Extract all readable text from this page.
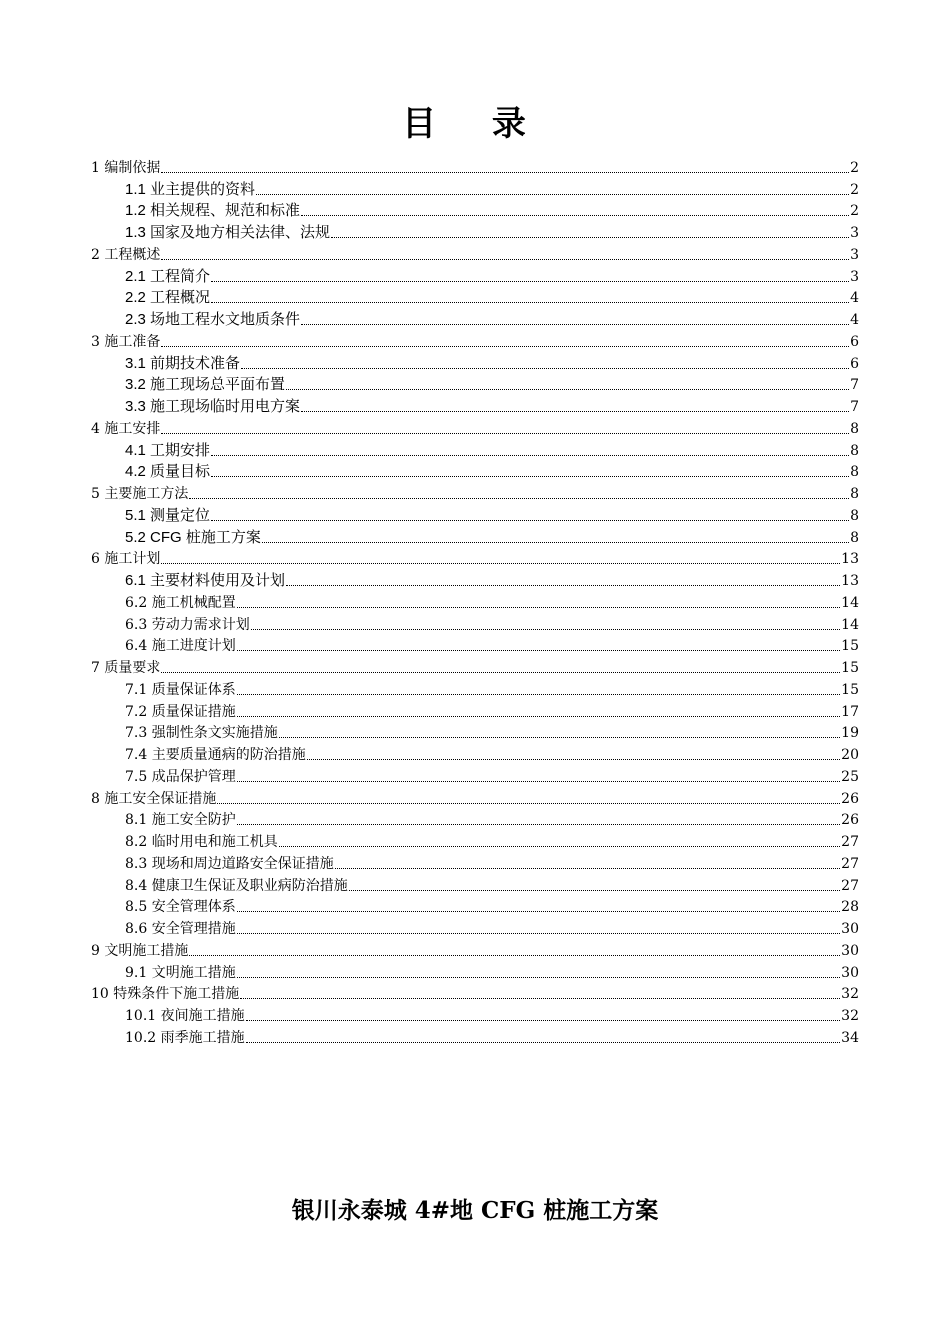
目 录
1 编制依据	2
1.1 业主提供的资料	2
1.2 相关规程、规范和标准	2
1.3 国家及地方相关法律、法规	3
2 工程概述	3
2.1 工程简介	3
2.2 工程概况	4
2.3 场地工程水文地质条件	4
3 施工准备	6
3.1 前期技术准备	6
3.2 施工现场总平面布置	7
3.3 施工现场临时用电方案	7
4 施工安排	8
4.1 工期安排	8
4.2 质量目标	8
5 主要施工方法	8
5.1 测量定位	8
5.2 CFG 桩施工方案	8
6 施工计划	13
6.1 主要材料使用及计划	13
6.2 施工机械配置	14
6.3 劳动力需求计划	14
6.4 施工进度计划	15
7 质量要求	15
7.1 质量保证体系	15
7.2 质量保证措施	17
7.3 强制性条文实施措施	19
7.4 主要质量通病的防治措施	20
7.5 成品保护管理	25
8 施工安全保证措施	26
8.1 施工安全防护	26
8.2 临时用电和施工机具	27
8.3 现场和周边道路安全保证措施	27
8.4 健康卫生保证及职业病防治措施	27
8.5 安全管理体系	28
8.6 安全管理措施	30
9 文明施工措施	30
9.1 文明施工措施	30
10 特殊条件下施工措施	32
10.1 夜间施工措施	32
10.2 雨季施工措施	34
银川永泰城 4#地 CFG 桩施工方案
